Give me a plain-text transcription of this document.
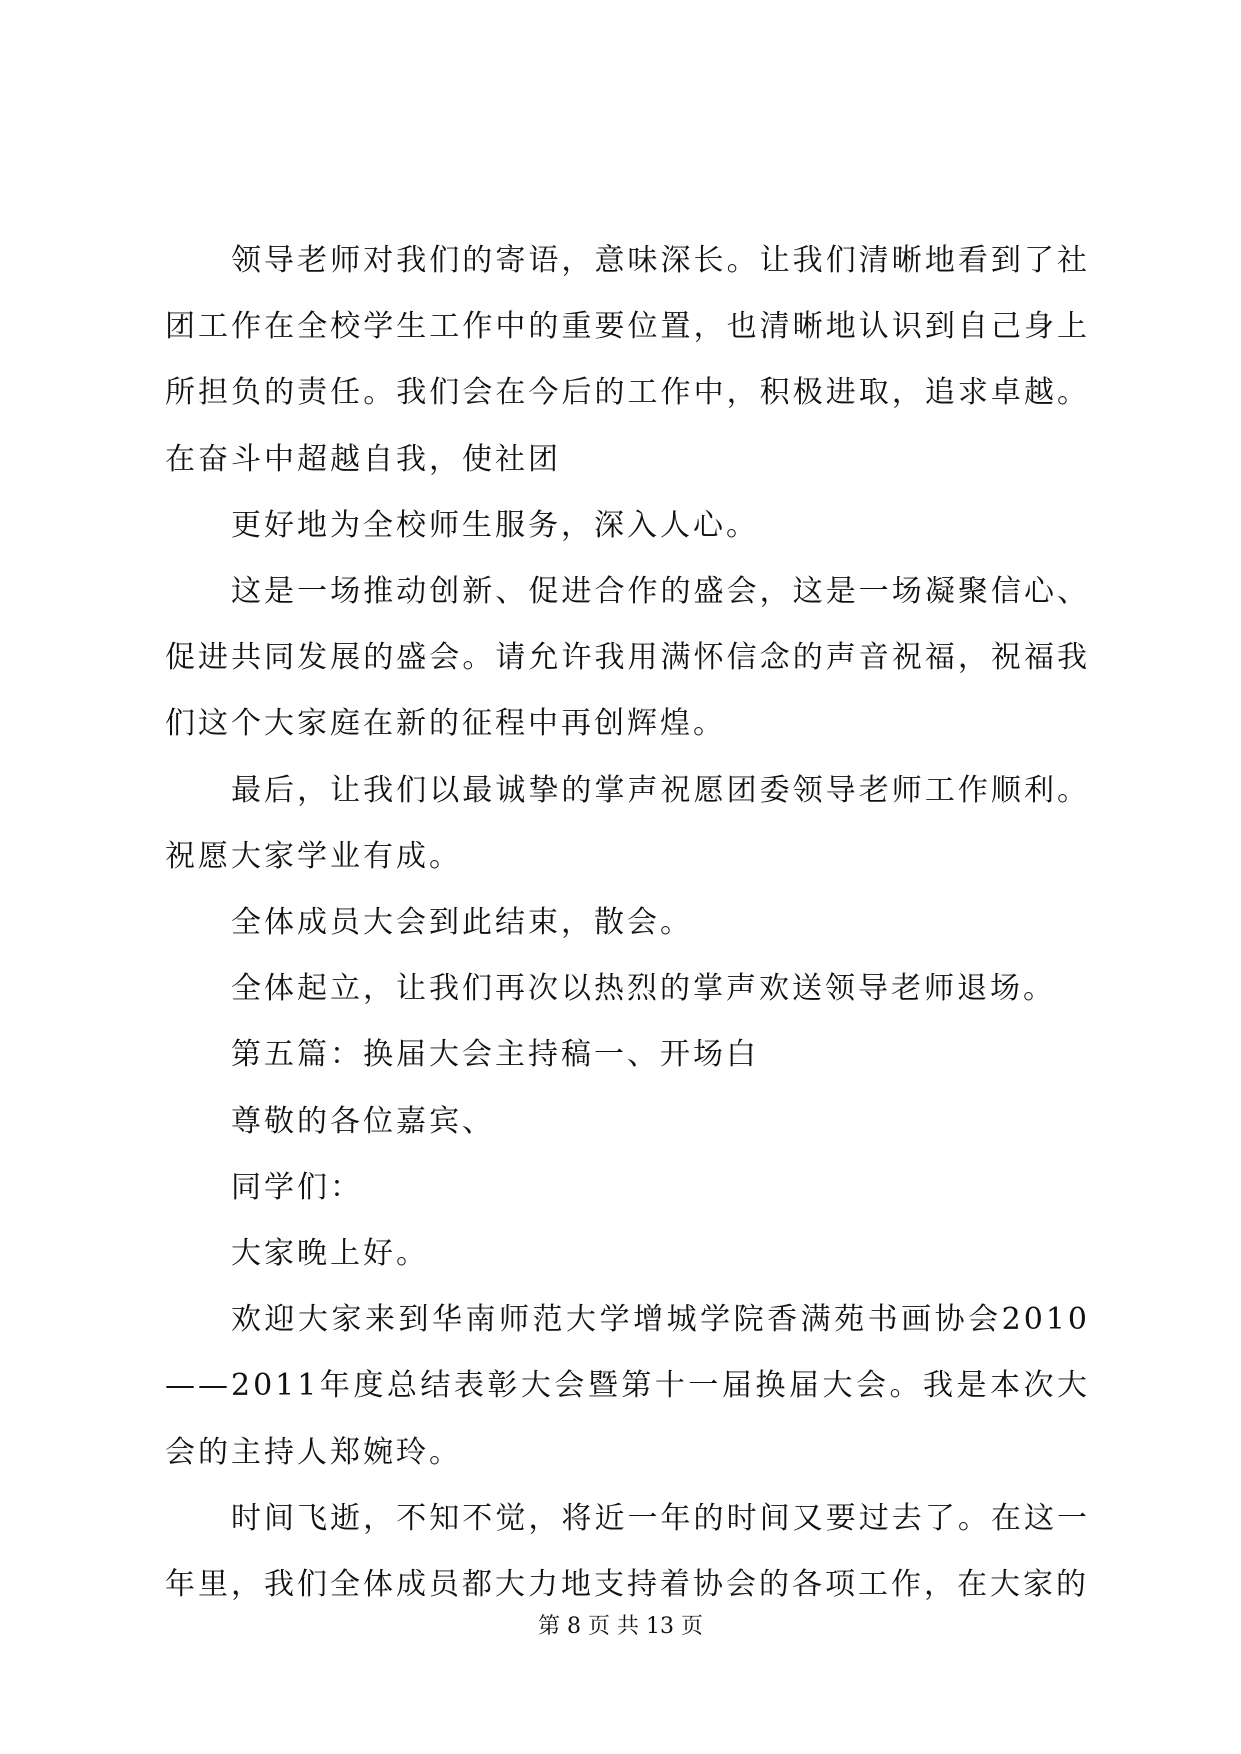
领导老师对我们的寄语，意味深长。让我们清晰地看到了社团工作在全校学生工作中的重要位置，也清晰地认识到自己身上所担负的责任。我们会在今后的工作中，积极进取，追求卓越。在奋斗中超越自我，使社团

更好地为全校师生服务，深入人心。

这是一场推动创新、促进合作的盛会，这是一场凝聚信心、促进共同发展的盛会。请允许我用满怀信念的声音祝福，祝福我们这个大家庭在新的征程中再创辉煌。

最后，让我们以最诚挚的掌声祝愿团委领导老师工作顺利。祝愿大家学业有成。

全体成员大会到此结束，散会。

全体起立，让我们再次以热烈的掌声欢送领导老师退场。

第五篇：换届大会主持稿一、开场白

尊敬的各位嘉宾、

同学们：

大家晚上好。

欢迎大家来到华南师范大学增城学院香满苑书画协会2010——2011年度总结表彰大会暨第十一届换届大会。我是本次大会的主持人郑婉玲。

时间飞逝，不知不觉，将近一年的时间又要过去了。在这一年里，我们全体成员都大力地支持着协会的各项工作，在大家的

第 8 页 共 13 页
